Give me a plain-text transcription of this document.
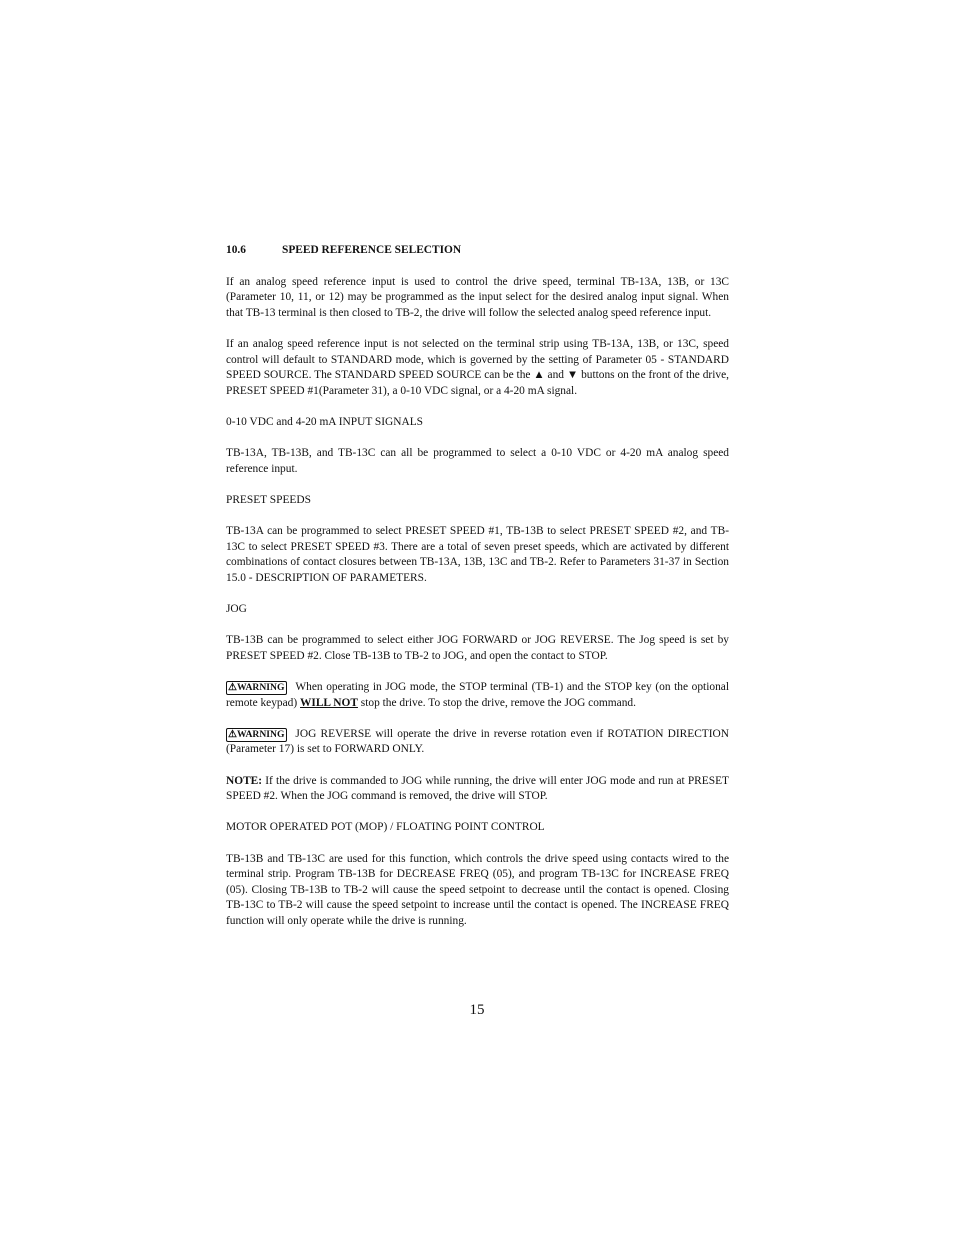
10.6	SPEED REFERENCE SELECTION

If an analog speed reference input is used to control the drive speed, terminal TB-13A, 13B, or 13C (Parameter 10, 11, or 12) may be programmed as the input select for the desired analog input signal. When that TB-13 terminal is then closed to TB-2, the drive will follow the selected analog speed reference input.

If an analog speed reference input is not selected on the terminal strip using TB-13A, 13B, or 13C, speed control will default to STANDARD mode, which is governed by the setting of Parameter 05 - STANDARD SPEED SOURCE. The STANDARD SPEED SOURCE can be the ▲ and ▼ buttons on the front of the drive, PRESET SPEED #1(Parameter 31), a 0-10 VDC signal, or a 4-20 mA signal.

0-10 VDC and 4-20 mA INPUT SIGNALS

TB-13A, TB-13B, and TB-13C can all be programmed to select a 0-10 VDC or 4-20 mA analog speed reference input.

PRESET SPEEDS

TB-13A can be programmed to select PRESET SPEED #1, TB-13B to select PRESET SPEED #2, and TB-13C to select PRESET SPEED #3. There are a total of seven preset speeds, which are activated by different combinations of contact closures between TB-13A, 13B, 13C and TB-2. Refer to Parameters 31-37 in Section 15.0 - DESCRIPTION OF PARAMETERS.

JOG

TB-13B can be programmed to select either JOG FORWARD or JOG REVERSE. The Jog speed is set by PRESET SPEED #2. Close TB-13B to TB-2 to JOG, and open the contact to STOP.

⚠WARNING When operating in JOG mode, the STOP terminal (TB-1) and the STOP key (on the optional remote keypad) WILL NOT stop the drive. To stop the drive, remove the JOG command.

⚠WARNING JOG REVERSE will operate the drive in reverse rotation even if ROTATION DIRECTION (Parameter 17) is set to FORWARD ONLY.

NOTE: If the drive is commanded to JOG while running, the drive will enter JOG mode and run at PRESET SPEED #2. When the JOG command is removed, the drive will STOP.

MOTOR OPERATED POT (MOP) / FLOATING POINT CONTROL

TB-13B and TB-13C are used for this function, which controls the drive speed using contacts wired to the terminal strip. Program TB-13B for DECREASE FREQ (05), and program TB-13C for INCREASE FREQ (05). Closing TB-13B to TB-2 will cause the speed setpoint to decrease until the contact is opened. Closing TB-13C to TB-2 will cause the speed setpoint to increase until the contact is opened. The INCREASE FREQ function will only operate while the drive is running.

15
